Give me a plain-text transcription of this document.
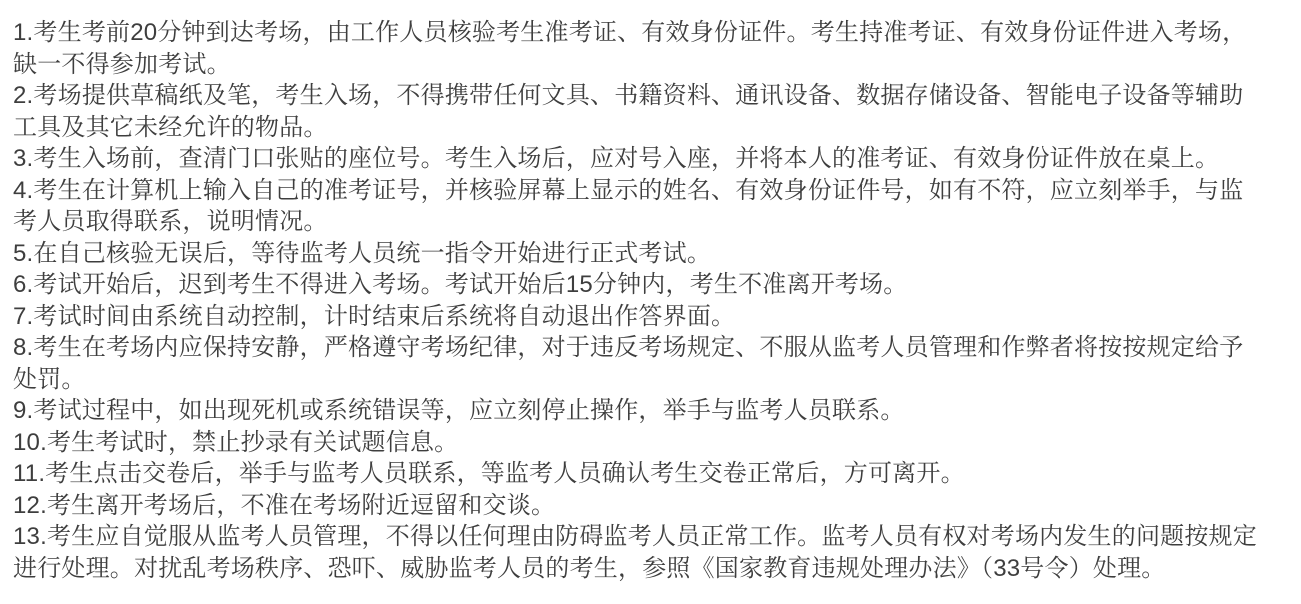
1.考生考前20分钟到达考场，由工作人员核验考生准考证、有效身份证件。考生持准考证、有效身份证件进入考场，
缺一不得参加考试。
2.考场提供草稿纸及笔，考生入场，不得携带任何文具、书籍资料、通讯设备、数据存储设备、智能电子设备等辅助
工具及其它未经允许的物品。
3.考生入场前，查清门口张贴的座位号。考生入场后，应对号入座，并将本人的准考证、有效身份证件放在桌上。
4.考生在计算机上输入自己的准考证号，并核验屏幕上显示的姓名、有效身份证件号，如有不符，应立刻举手，与监
考人员取得联系，说明情况。
5.在自己核验无误后，等待监考人员统一指令开始进行正式考试。
6.考试开始后，迟到考生不得进入考场。考试开始后15分钟内，考生不准离开考场。
7.考试时间由系统自动控制，计时结束后系统将自动退出作答界面。
8.考生在考场内应保持安静，严格遵守考场纪律，对于违反考场规定、不服从监考人员管理和作弊者将按按规定给予
处罚。
9.考试过程中，如出现死机或系统错误等，应立刻停止操作，举手与监考人员联系。
10.考生考试时，禁止抄录有关试题信息。
11.考生点击交卷后，举手与监考人员联系，等监考人员确认考生交卷正常后，方可离开。
12.考生离开考场后，不准在考场附近逗留和交谈。
13.考生应自觉服从监考人员管理，不得以任何理由防碍监考人员正常工作。监考人员有权对考场内发生的问题按规定
进行处理。对扰乱考场秩序、恐吓、威胁监考人员的考生，参照《国家教育违规处理办法》（33号令）处理。
